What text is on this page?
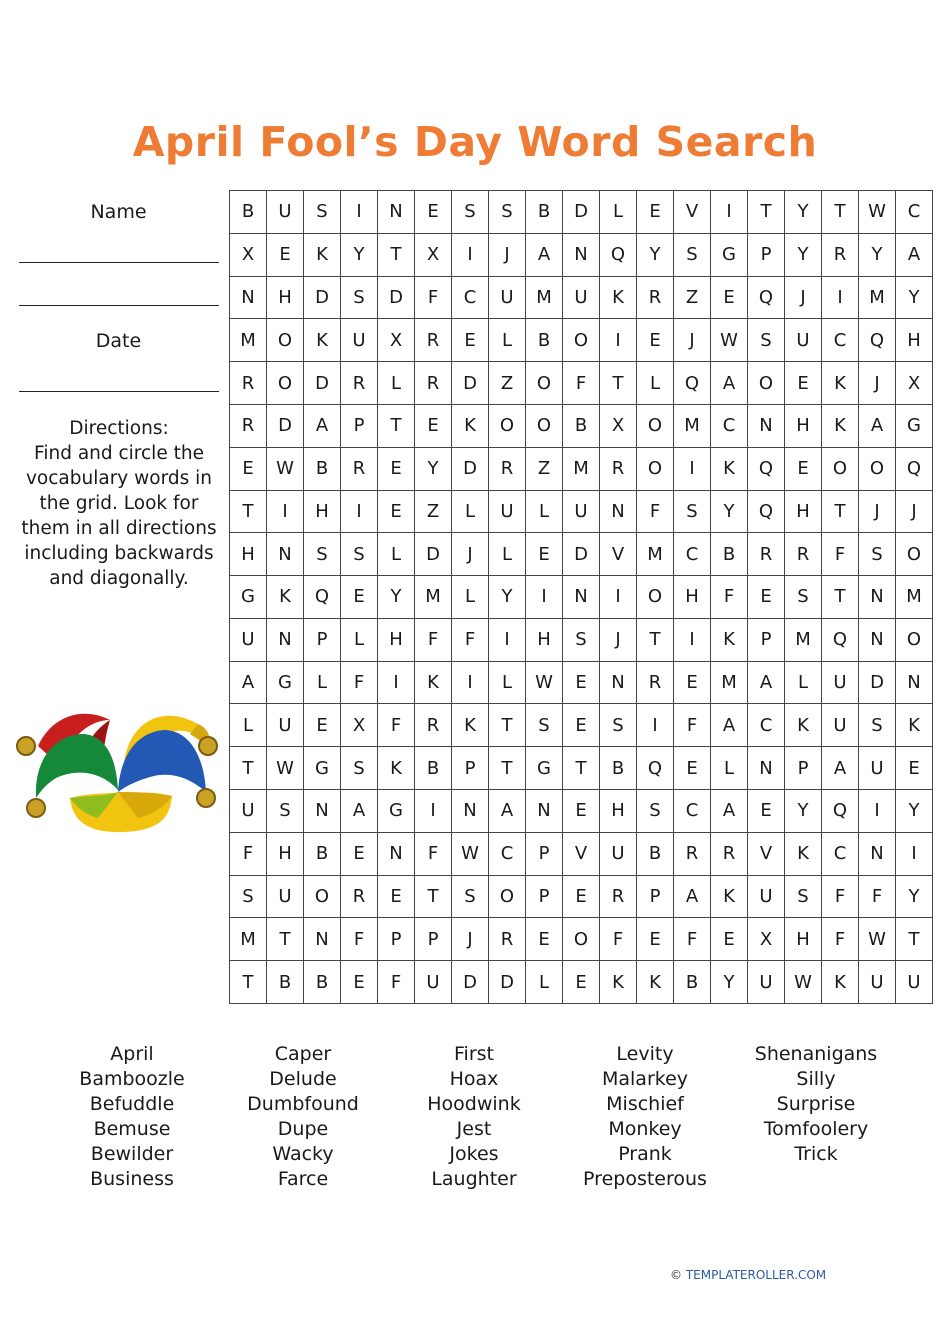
April Fool’s Day Word Search
Name
Date
Directions:
Find and circle the vocabulary words in the grid. Look for them in all directions including backwards and diagonally.
B	U	S	I	N	E	S	S	B	D	L	E	V	I	T	Y	T	W	C
X	E	K	Y	T	X	I	J	A	N	Q	Y	S	G	P	Y	R	Y	A
N	H	D	S	D	F	C	U	M	U	K	R	Z	E	Q	J	I	M	Y
M	O	K	U	X	R	E	L	B	O	I	E	J	W	S	U	C	Q	H
R	O	D	R	L	R	D	Z	O	F	T	L	Q	A	O	E	K	J	X
R	D	A	P	T	E	K	O	O	B	X	O	M	C	N	H	K	A	G
E	W	B	R	E	Y	D	R	Z	M	R	O	I	K	Q	E	O	O	Q
T	I	H	I	E	Z	L	U	L	U	N	F	S	Y	Q	H	T	J	J
H	N	S	S	L	D	J	L	E	D	V	M	C	B	R	R	F	S	O
G	K	Q	E	Y	M	L	Y	I	N	I	O	H	F	E	S	T	N	M
U	N	P	L	H	F	F	I	H	S	J	T	I	K	P	M	Q	N	O
A	G	L	F	I	K	I	L	W	E	N	R	E	M	A	L	U	D	N
L	U	E	X	F	R	K	T	S	E	S	I	F	A	C	K	U	S	K
T	W	G	S	K	B	P	T	G	T	B	Q	E	L	N	P	A	U	E
U	S	N	A	G	I	N	A	N	E	H	S	C	A	E	Y	Q	I	Y
F	H	B	E	N	F	W	C	P	V	U	B	R	R	V	K	C	N	I
S	U	O	R	E	T	S	O	P	E	R	P	A	K	U	S	F	F	Y
M	T	N	F	P	P	J	R	E	O	F	E	F	E	X	H	F	W	T
T	B	B	E	F	U	D	D	L	E	K	K	B	Y	U	W	K	U	U
April
Bamboozle
Befuddle
Bemuse
Bewilder
Business
Caper
Delude
Dumbfound
Dupe
Wacky
Farce
First
Hoax
Hoodwink
Jest
Jokes
Laughter
Levity
Malarkey
Mischief
Monkey
Prank
Preposterous
Shenanigans
Silly
Surprise
Tomfoolery
Trick
© TEMPLATEROLLER.COM
